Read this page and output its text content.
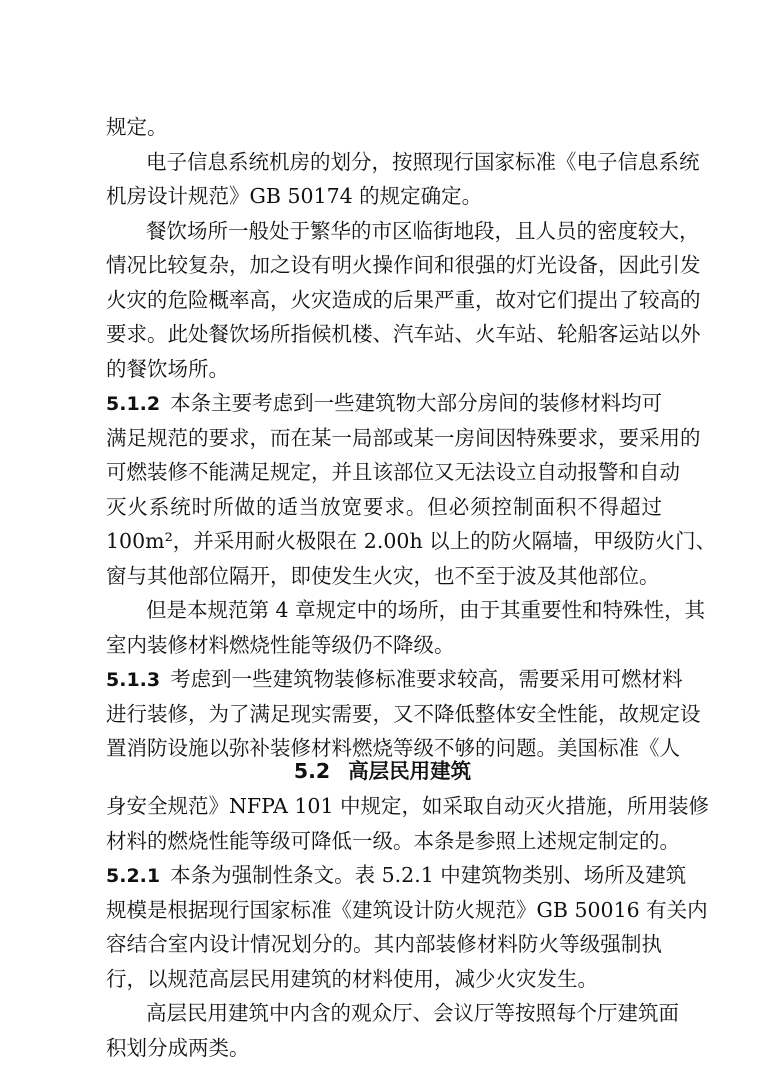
规定。
电子信息系统机房的划分，按照现行国家标准《电子信息系统
机房设计规范》GB 50174 的规定确定。
餐饮场所一般处于繁华的市区临街地段，且人员的密度较大，
情况比较复杂，加之设有明火操作间和很强的灯光设备，因此引发
火灾的危险概率高，火灾造成的后果严重，故对它们提出了较高的
要求。此处餐饮场所指候机楼、汽车站、火车站、轮船客运站以外
的餐饮场所。
5.1.2 本条主要考虑到一些建筑物大部分房间的装修材料均可
满足规范的要求，而在某一局部或某一房间因特殊要求，要采用的
可燃装修不能满足规定，并且该部位又无法设立自动报警和自动
灭火系统时所做的适当放宽要求。但必须控制面积不得超过
100m²，并采用耐火极限在 2.00h 以上的防火隔墙，甲级防火门、
窗与其他部位隔开，即使发生火灾，也不至于波及其他部位。
但是本规范第 4 章规定中的场所，由于其重要性和特殊性，其
室内装修材料燃烧性能等级仍不降级。
5.1.3 考虑到一些建筑物装修标准要求较高，需要采用可燃材料
进行装修，为了满足现实需要，又不降低整体安全性能，故规定设
置消防设施以弥补装修材料燃烧等级不够的问题。美国标准《人
5.2 高层民用建筑
身安全规范》NFPA 101 中规定，如采取自动灭火措施，所用装修
材料的燃烧性能等级可降低一级。本条是参照上述规定制定的。
5.2.1 本条为强制性条文。表 5.2.1 中建筑物类别、场所及建筑
规模是根据现行国家标准《建筑设计防火规范》GB 50016 有关内
容结合室内设计情况划分的。其内部装修材料防火等级强制执
行，以规范高层民用建筑的材料使用，减少火灾发生。
高层民用建筑中内含的观众厅、会议厅等按照每个厅建筑面
积划分成两类。
